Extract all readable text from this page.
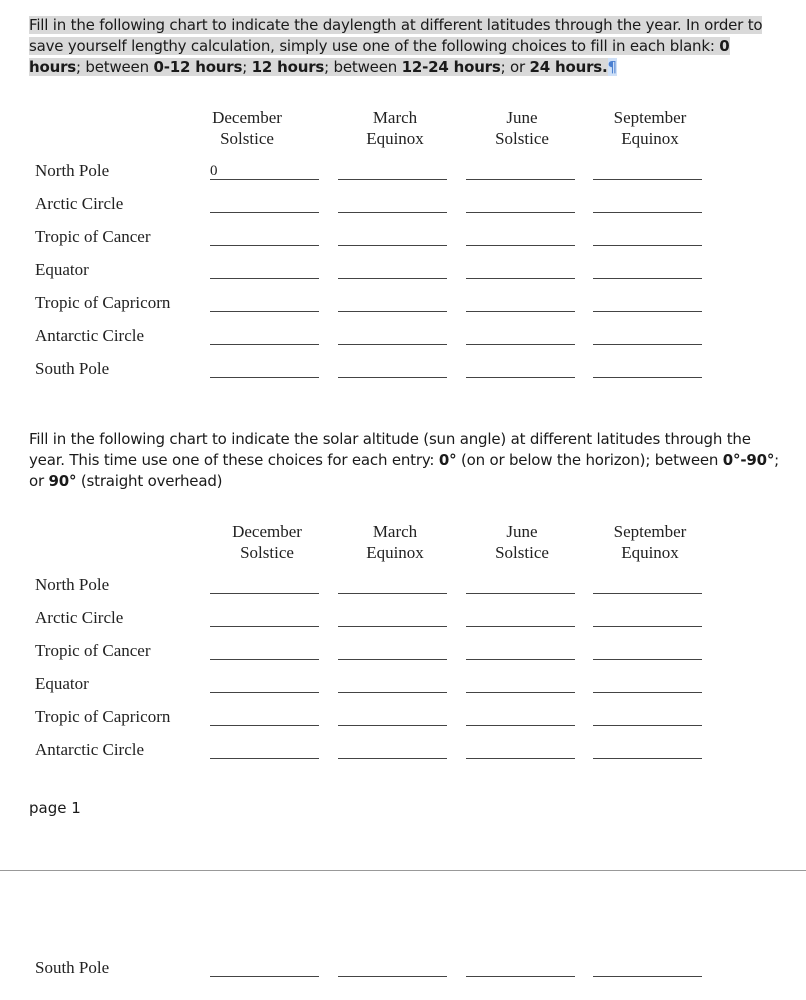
Fill in the following chart to indicate the daylength at different latitudes through the year. In order to save yourself lengthy calculation, simply use one of the following choices to fill in each blank: 0 hours; between 0-12 hours; 12 hours; between 12-24 hours; or 24 hours.¶
December
Solstice
March
Equinox
June
Solstice
September
Equinox
North Pole	0
Arctic Circle
Tropic of Cancer
Equator
Tropic of Capricorn
Antarctic Circle
South Pole
Fill in the following chart to indicate the solar altitude (sun angle) at different latitudes through the year. This time use one of these choices for each entry: 0° (on or below the horizon); between 0°-90°; or 90° (straight overhead)
December
Solstice
March
Equinox
June
Solstice
September
Equinox
North Pole
Arctic Circle
Tropic of Cancer
Equator
Tropic of Capricorn
Antarctic Circle
page 1
South Pole
